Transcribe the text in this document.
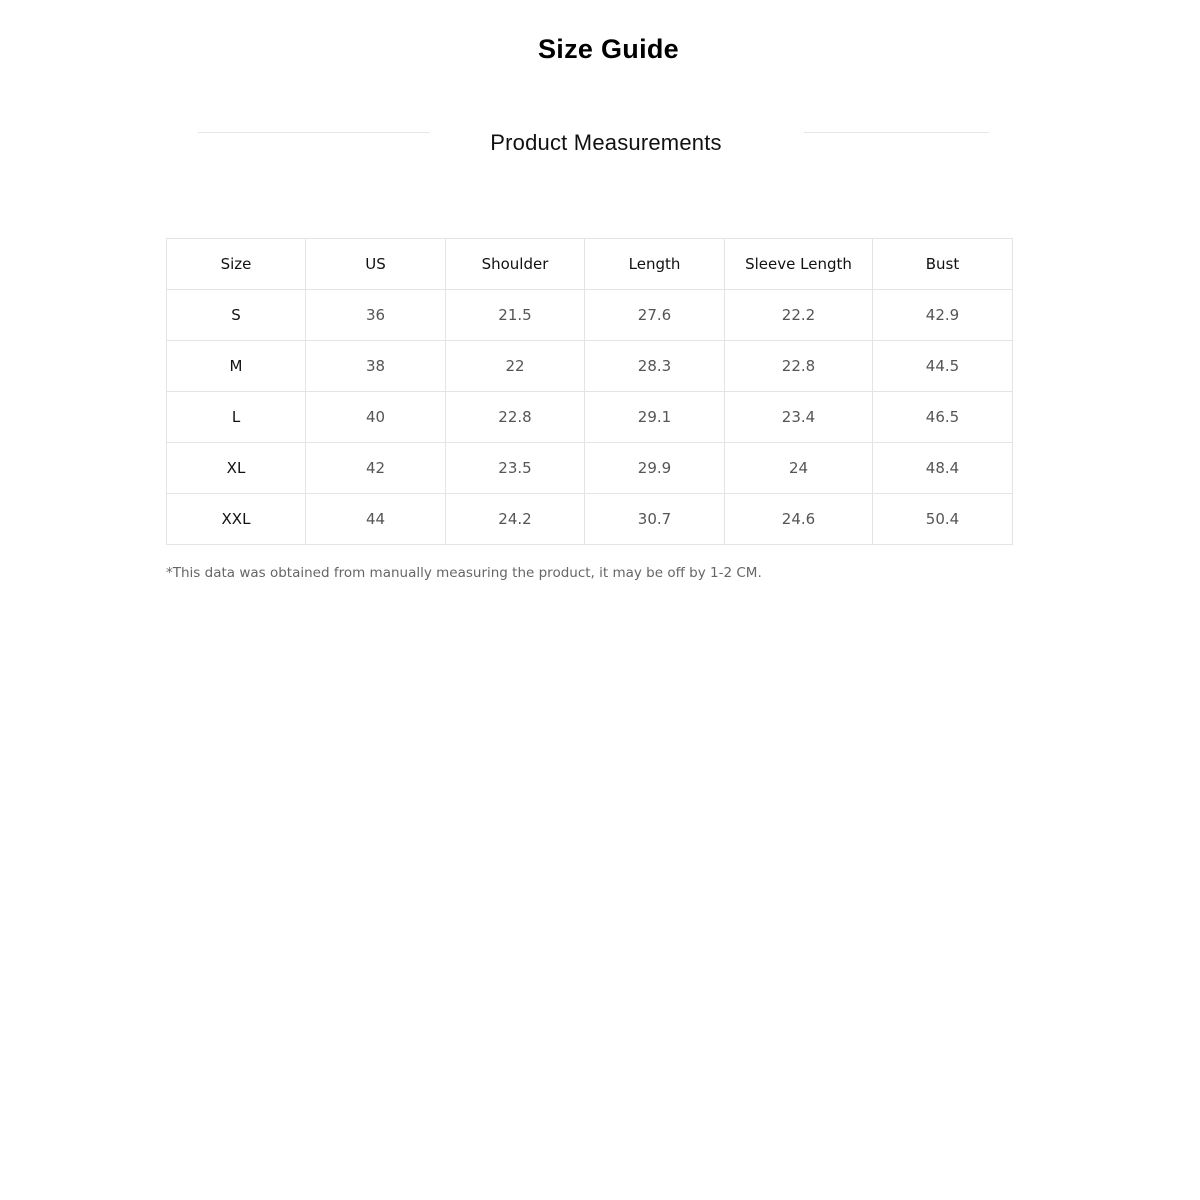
Size Guide
Product Measurements
Size	US	Shoulder	Length	Sleeve Length	Bust
S	36	21.5	27.6	22.2	42.9
M	38	22	28.3	22.8	44.5
L	40	22.8	29.1	23.4	46.5
XL	42	23.5	29.9	24	48.4
XXL	44	24.2	30.7	24.6	50.4
*This data was obtained from manually measuring the product, it may be off by 1-2 CM.
